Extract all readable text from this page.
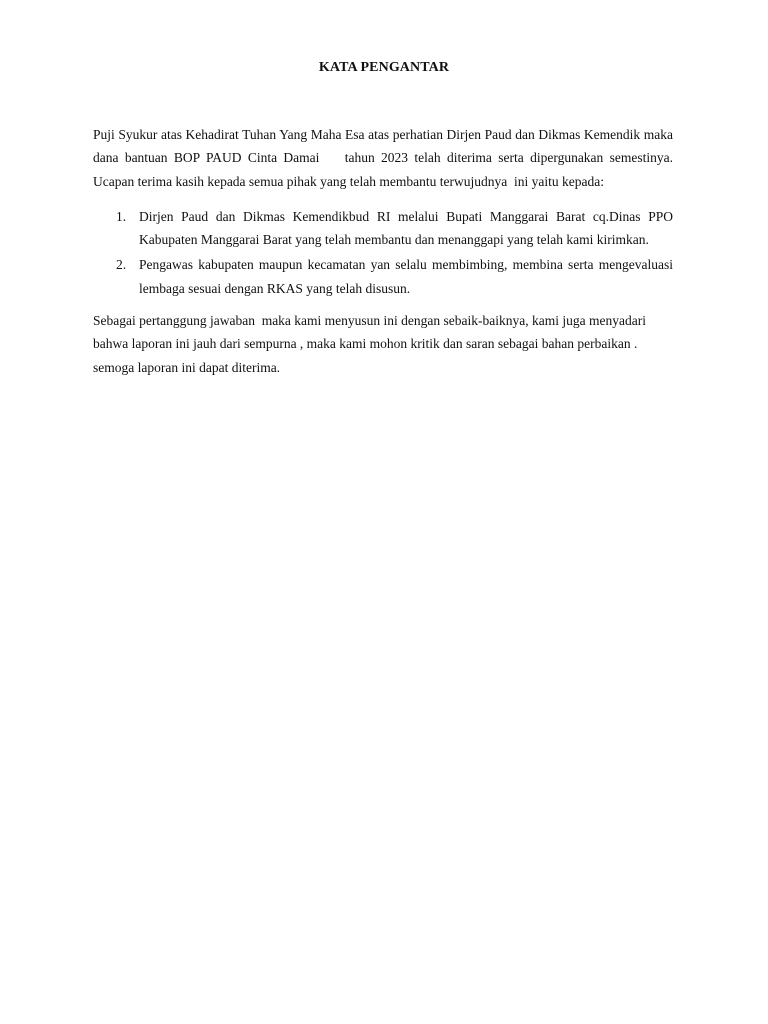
KATA PENGANTAR

Puji Syukur atas Kehadirat Tuhan Yang Maha Esa atas perhatian Dirjen Paud dan Dikmas Kemendik maka dana bantuan BOP PAUD Cinta Damai    tahun 2023 telah diterima serta dipergunakan semestinya. Ucapan terima kasih kepada semua pihak yang telah membantu terwujudnya  ini yaitu kepada:

1. Dirjen Paud dan Dikmas Kemendikbud RI melalui Bupati Manggarai Barat cq.Dinas PPO Kabupaten Manggarai Barat yang telah membantu dan menanggapi yang telah kami kirimkan.
2. Pengawas kabupaten maupun kecamatan yan selalu membimbing, membina serta mengevaluasi lembaga sesuai dengan RKAS yang telah disusun.

Sebagai pertanggung jawaban  maka kami menyusun ini dengan sebaik-baiknya, kami juga menyadari
bahwa laporan ini jauh dari sempurna , maka kami mohon kritik dan saran sebagai bahan perbaikan .
semoga laporan ini dapat diterima.
